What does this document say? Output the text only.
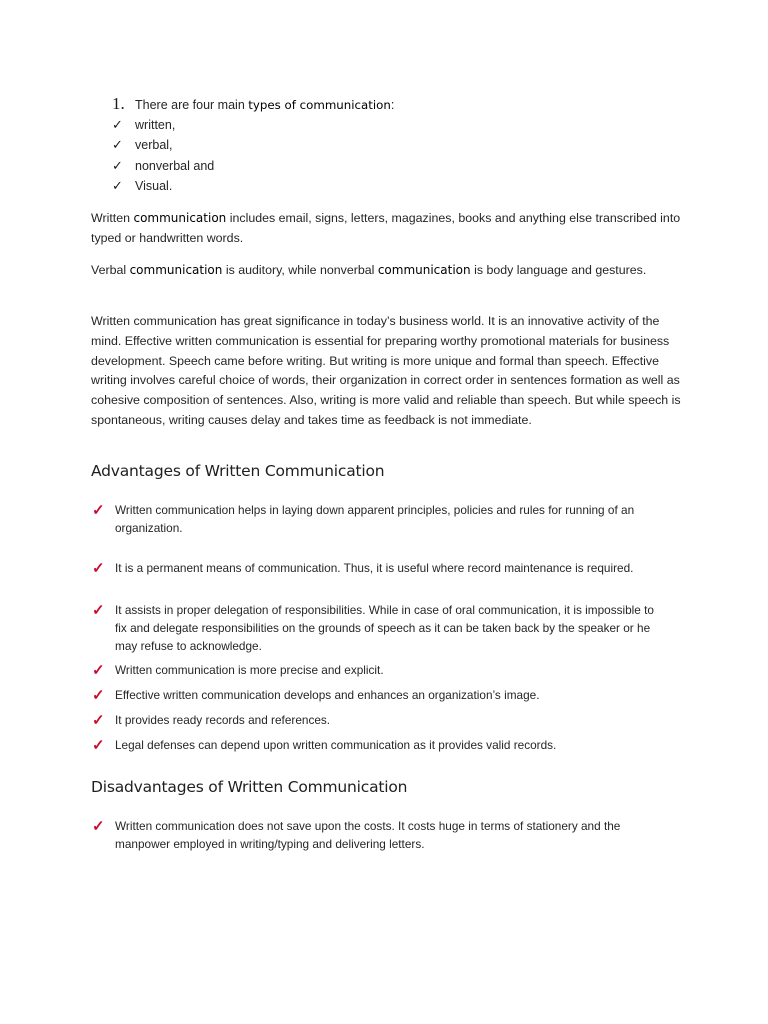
1. There are four main types of communication :
✓ written,
✓ verbal,
✓ nonverbal and
✓ Visual.
Written communication includes email, signs, letters, magazines, books and anything else transcribed into typed or handwritten words.
Verbal communication is auditory, while nonverbal communication is body language and gestures.
Written communication has great significance in today’s business world. It is an innovative activity of the mind. Effective written communication is essential for preparing worthy promotional materials for business development. Speech came before writing. But writing is more unique and formal than speech. Effective writing involves careful choice of words, their organization in correct order in sentences formation as well as cohesive composition of sentences. Also, writing is more valid and reliable than speech. But while speech is spontaneous, writing causes delay and takes time as feedback is not immediate.
Advantages of Written Communication
✓ Written communication helps in laying down apparent principles, policies and rules for running of an organization.
✓ It is a permanent means of communication. Thus, it is useful where record maintenance is required.
✓ It assists in proper delegation of responsibilities. While in case of oral communication, it is impossible to fix and delegate responsibilities on the grounds of speech as it can be taken back by the speaker or he may refuse to acknowledge.
✓ Written communication is more precise and explicit.
✓ Effective written communication develops and enhances an organization’s image.
✓ It provides ready records and references.
✓ Legal defenses can depend upon written communication as it provides valid records.
Disadvantages of Written Communication
✓ Written communication does not save upon the costs. It costs huge in terms of stationery and the manpower employed in writing/typing and delivering letters.
